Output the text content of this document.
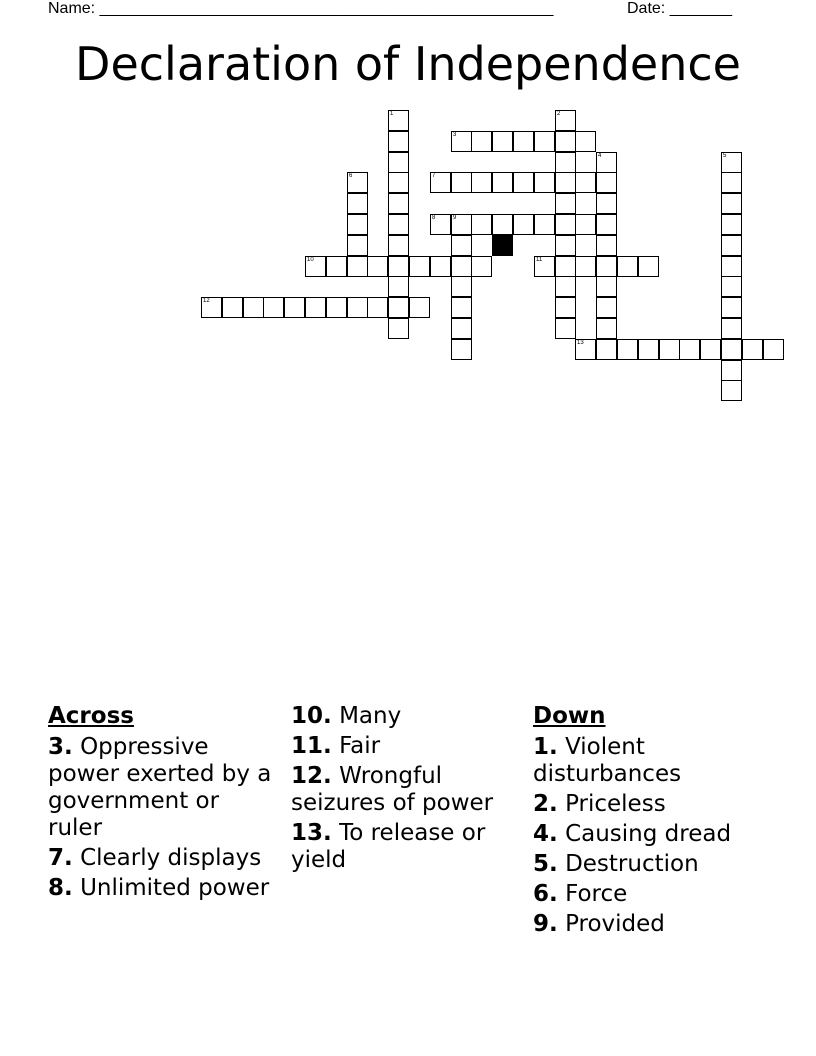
Name: ___________________________________________________	Date: _______
Declaration of Independence
1	2
3
4	5
6	7
8	9
10	11
12
13
Across
3. Oppressive power exerted by a government or ruler
7. Clearly displays
8. Unlimited power
10. Many
11. Fair
12. Wrongful seizures of power
13. To release or yield
Down
1. Violent disturbances
2. Priceless
4. Causing dread
5. Destruction
6. Force
9. Provided
